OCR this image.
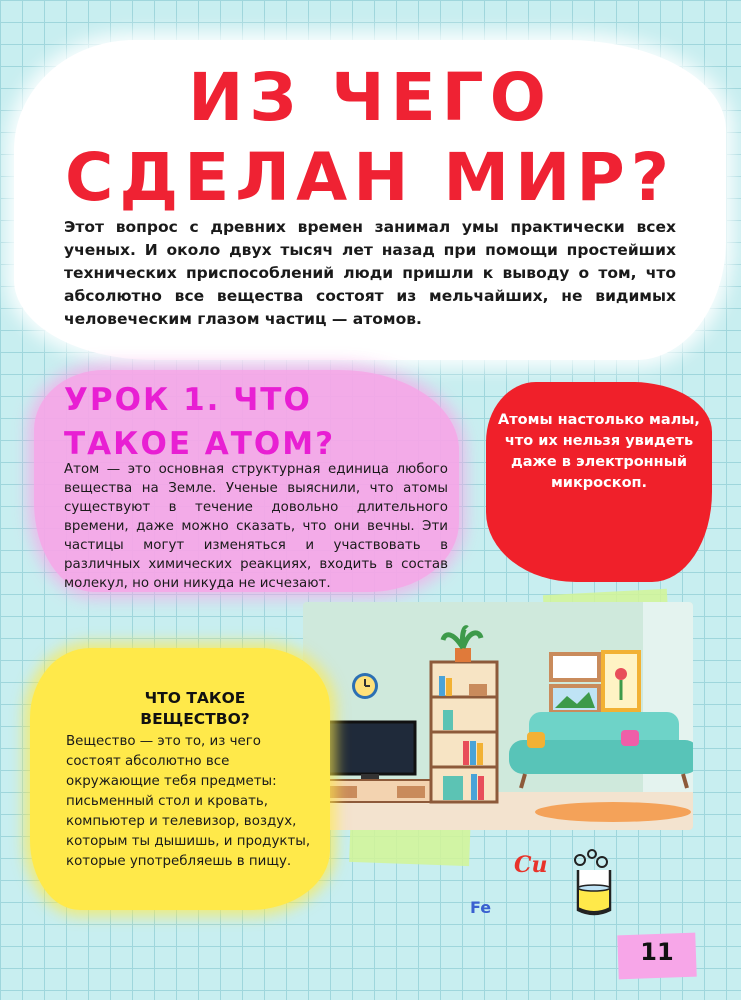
ИЗ ЧЕГО СДЕЛАН МИР?
Этот вопрос с древних времен занимал умы практически всех ученых. И около двух тысяч лет назад при помощи простейших технических приспособлений люди пришли к выводу о том, что абсолютно все вещества состоят из мельчайших, не видимых человеческим глазом частиц — атомов.
УРОК 1. ЧТО ТАКОЕ АТОМ?
Атом — это основная структурная единица любого вещества на Земле. Ученые выяснили, что атомы существуют в течение довольно длительного времени, даже можно сказать, что они вечны. Эти частицы могут изменяться и участвовать в различных химических реакциях, входить в состав молекул, но они никуда не исчезают.
Атомы настолько малы, что их нельзя увидеть даже в электронный микроскоп.
ЧТО ТАКОЕ ВЕЩЕСТВО?
Вещество — это то, из чего состоят абсолютно все окружающие тебя предметы: письменный стол и кровать, компьютер и телевизор, воздух, которым ты дышишь, и продукты, которые употребляешь в пищу.	Cu
Fe
11
